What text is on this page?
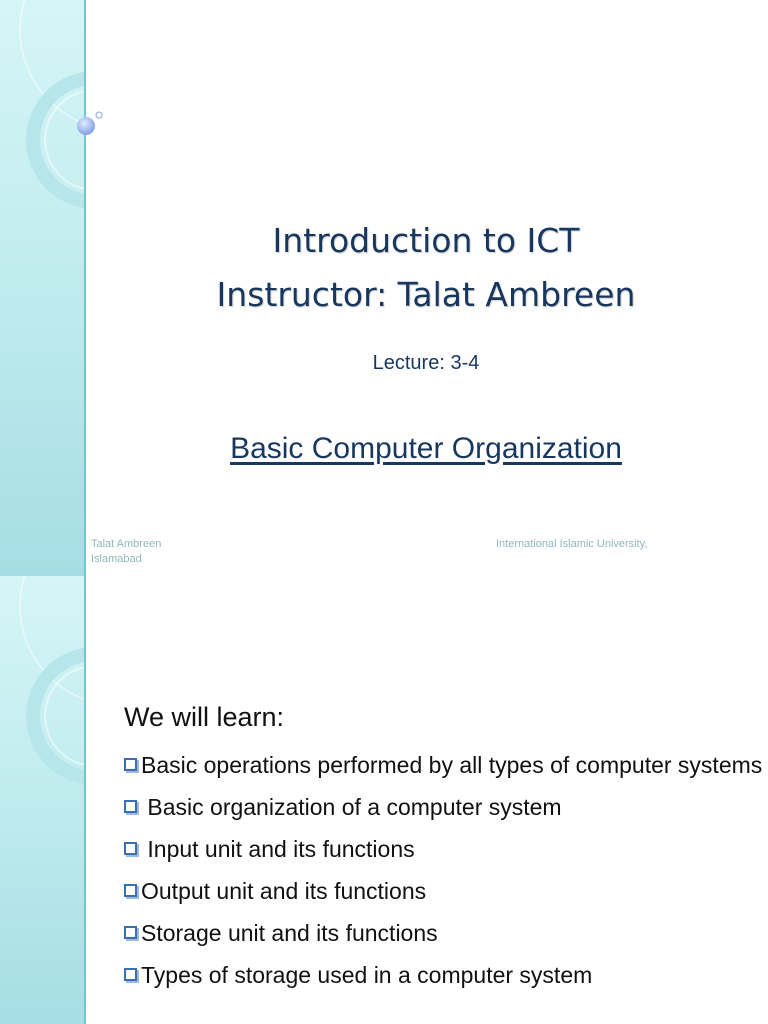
Introduction to ICT
Instructor: Talat Ambreen
Lecture: 3-4
Basic Computer Organization
Talat Ambreen	International Islamic University,
Islamabad
We will learn:
Basic operations performed by all types of computer systems
Basic organization of a computer system
Input unit and its functions
Output unit and its functions
Storage unit and its functions
Types of storage used in a computer system
